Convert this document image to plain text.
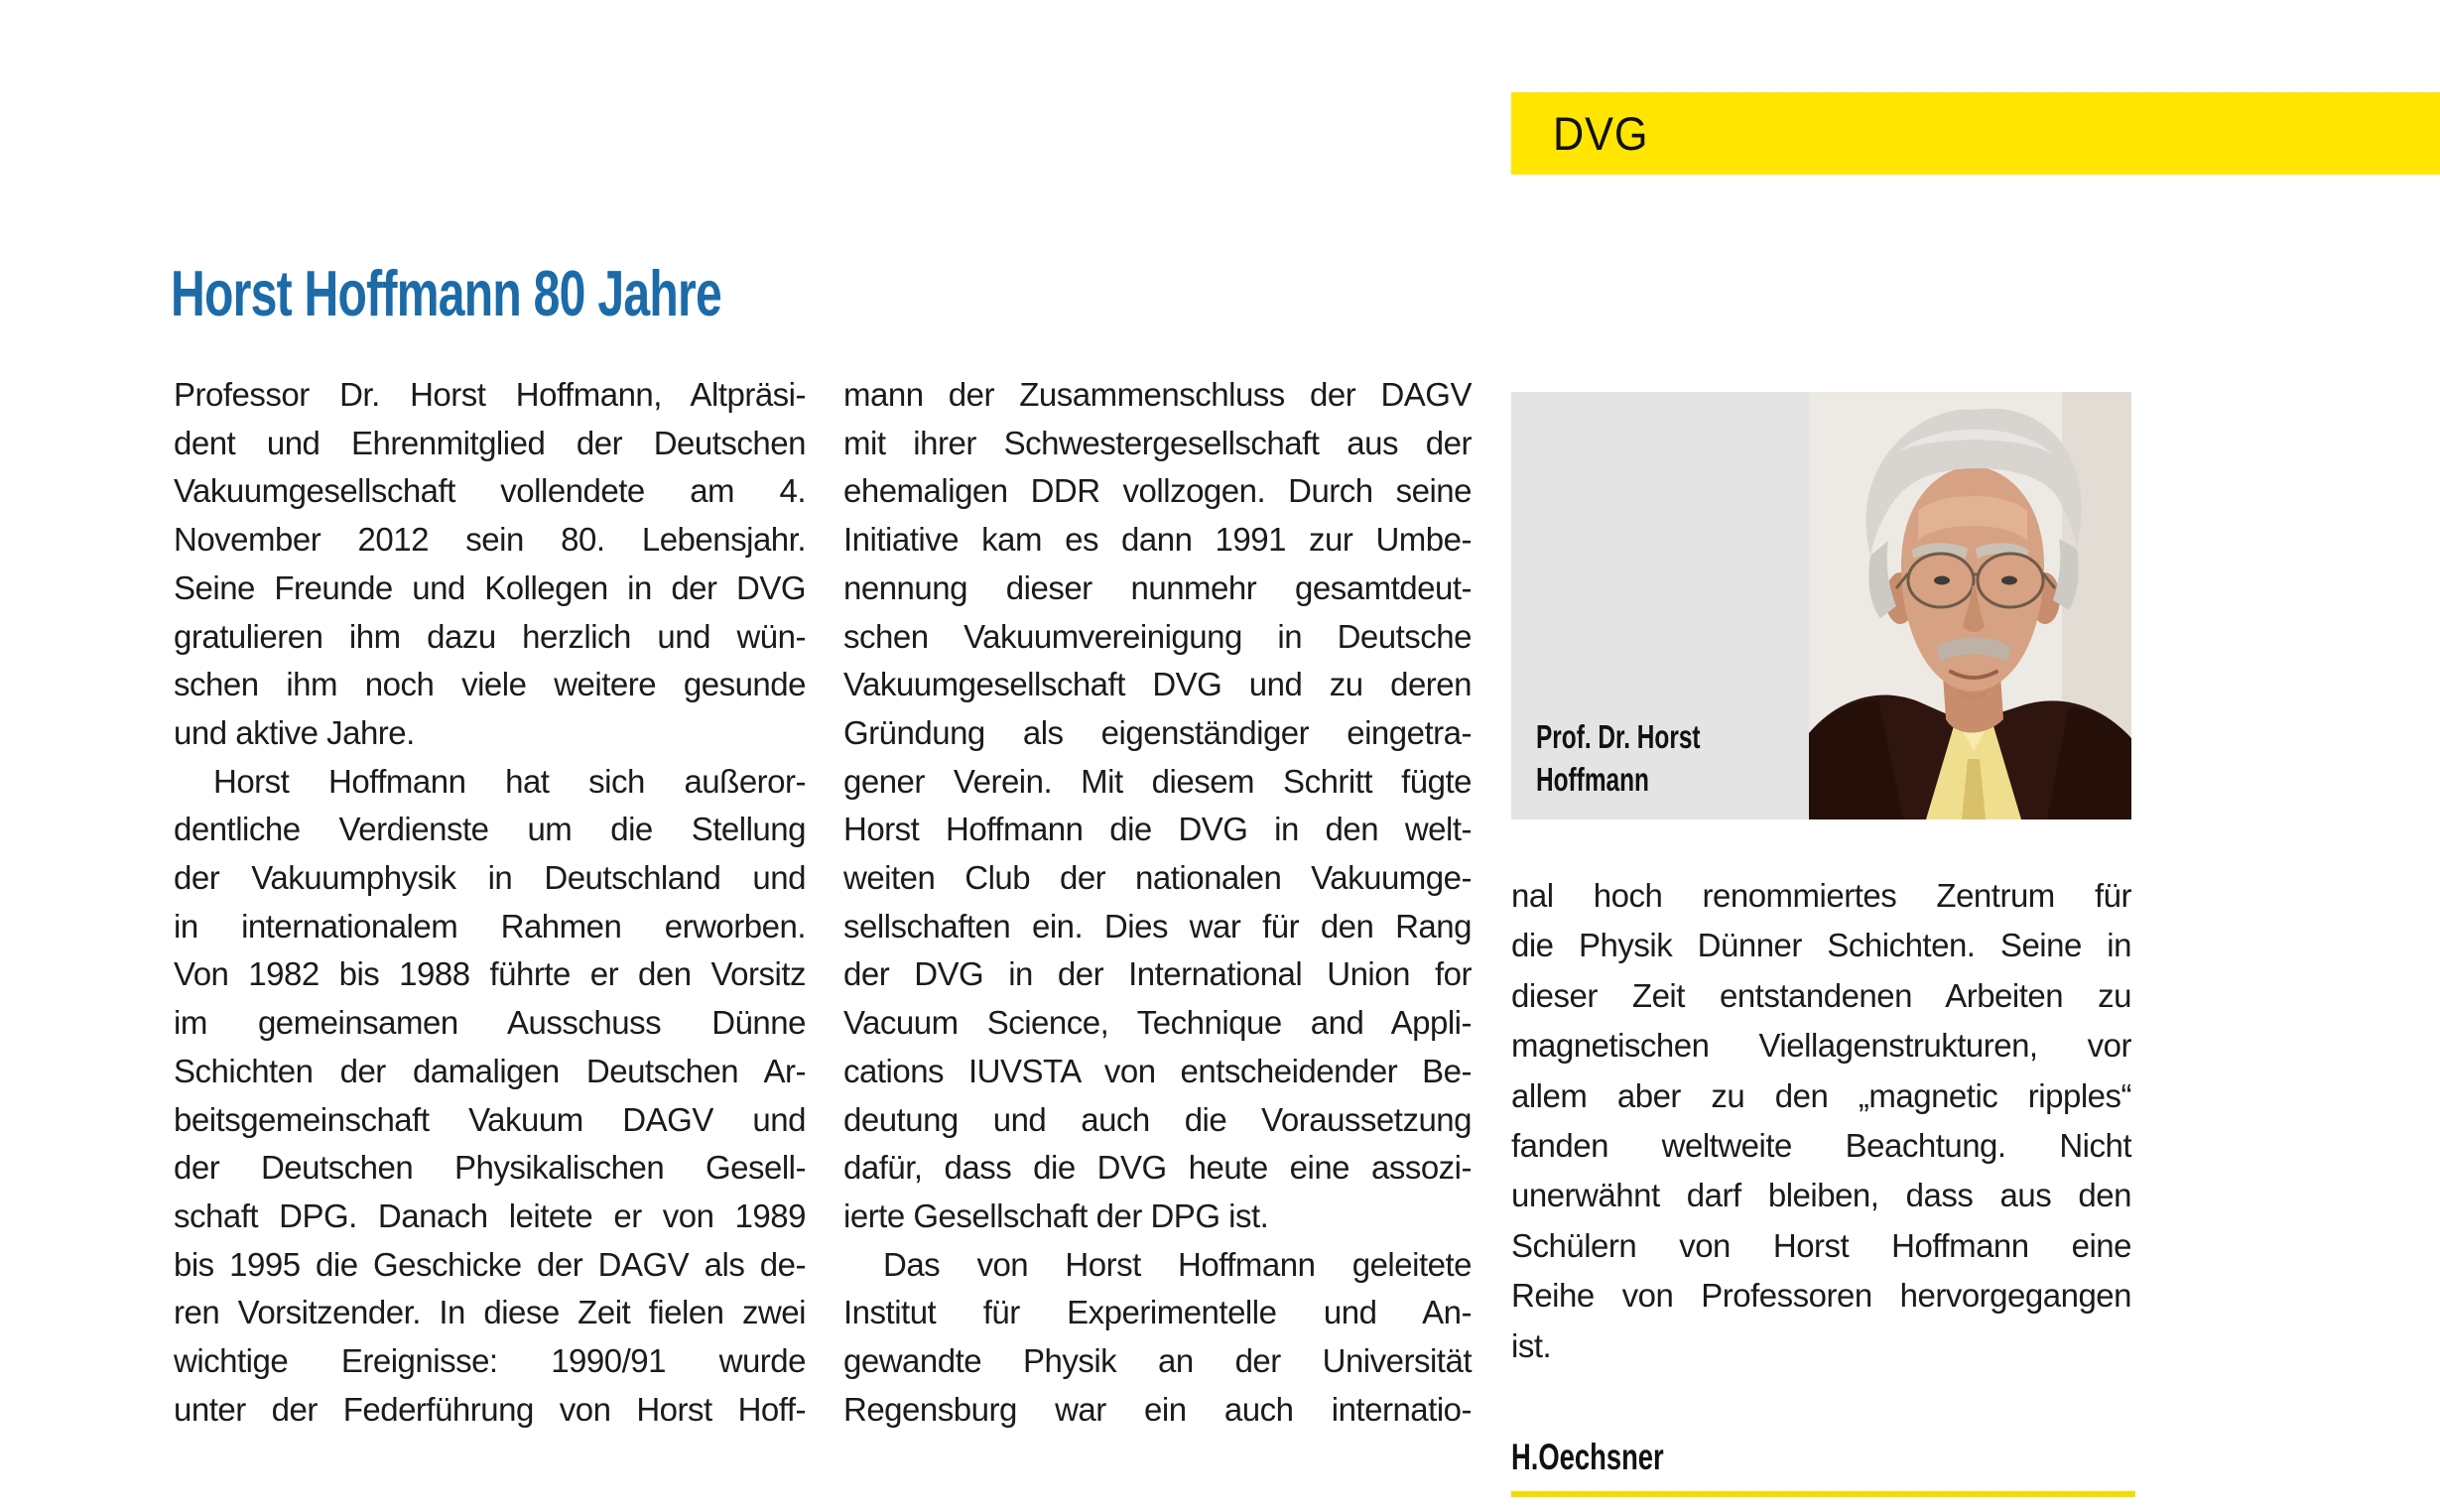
DVG
Horst Hoffmann 80 Jahre
Professor Dr. Horst Hoffmann, Altpräsi-
dent und Ehrenmitglied der Deutschen
Vakuumgesellschaft vollendete am 4.
November 2012 sein 80. Lebensjahr.
Seine Freunde und Kollegen in der DVG
gratulieren ihm dazu herzlich und wün-
schen ihm noch viele weitere gesunde
und aktive Jahre.
Horst Hoffmann hat sich außeror-
dentliche Verdienste um die Stellung
der Vakuumphysik in Deutschland und
in internationalem Rahmen erworben.
Von 1982 bis 1988 führte er den Vorsitz
im gemeinsamen Ausschuss Dünne
Schichten der damaligen Deutschen Ar-
beitsgemeinschaft Vakuum DAGV und
der Deutschen Physikalischen Gesell-
schaft DPG. Danach leitete er von 1989
bis 1995 die Geschicke der DAGV als de-
ren Vorsitzender. In diese Zeit fielen zwei
wichtige Ereignisse: 1990/91 wurde
unter der Federführung von Horst Hoff-
mann der Zusammenschluss der DAGV
mit ihrer Schwestergesellschaft aus der
ehemaligen DDR vollzogen. Durch seine
Initiative kam es dann 1991 zur Umbe-
nennung dieser nunmehr gesamtdeut-
schen Vakuumvereinigung in Deutsche
Vakuumgesellschaft DVG und zu deren
Gründung als eigenständiger eingetra-
gener Verein. Mit diesem Schritt fügte
Horst Hoffmann die DVG in den welt-
weiten Club der nationalen Vakuumge-
sellschaften ein. Dies war für den Rang
der DVG in der International Union for
Vacuum Science, Technique and Appli-
cations IUVSTA von entscheidender Be-
deutung und auch die Voraussetzung
dafür, dass die DVG heute eine assozi-
ierte Gesellschaft der DPG ist.
Das von Horst Hoffmann geleitete
Institut für Experimentelle und An-
gewandte Physik an der Universität
Regensburg war ein auch internatio-
Prof. Dr. Horst
Hoffmann
nal hoch renommiertes Zentrum für
die Physik Dünner Schichten. Seine in
dieser Zeit entstandenen Arbeiten zu
magnetischen Viellagenstrukturen, vor
allem aber zu den „magnetic ripples“
fanden weltweite Beachtung. Nicht
unerwähnt darf bleiben, dass aus den
Schülern von Horst Hoffmann eine
Reihe von Professoren hervorgegangen
ist.
H.Oechsner
